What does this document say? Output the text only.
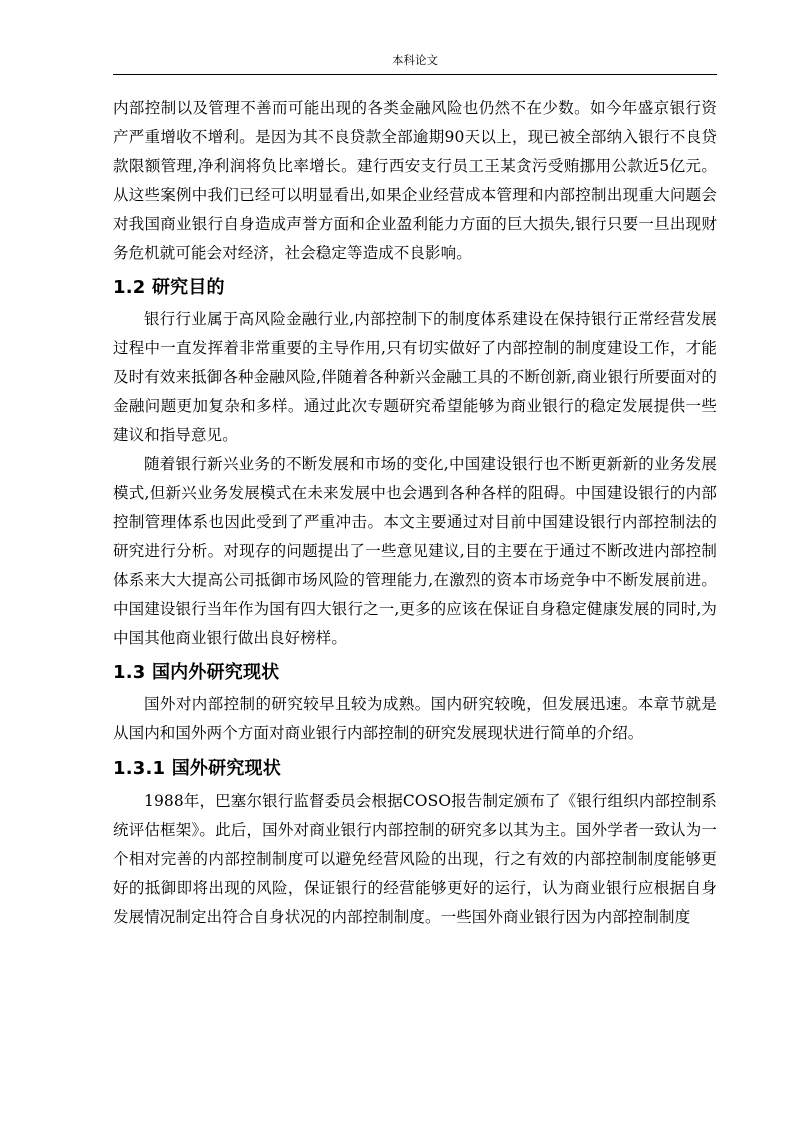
本科论文

内部控制以及管理不善而可能出现的各类金融风险也仍然不在少数。如今年盛京银行资产严重增收不增利。是因为其不良贷款全部逾期90天以上，现已被全部纳入银行不良贷款限额管理,净利润将负比率增长。建行西安支行员工王某贪污受贿挪用公款近5亿元。从这些案例中我们已经可以明显看出,如果企业经营成本管理和内部控制出现重大问题会对我国商业银行自身造成声誉方面和企业盈利能力方面的巨大损失,银行只要一旦出现财务危机就可能会对经济，社会稳定等造成不良影响。

1.2 研究目的

银行行业属于高风险金融行业,内部控制下的制度体系建设在保持银行正常经营发展过程中一直发挥着非常重要的主导作用,只有切实做好了内部控制的制度建设工作，才能及时有效来抵御各种金融风险,伴随着各种新兴金融工具的不断创新,商业银行所要面对的金融问题更加复杂和多样。通过此次专题研究希望能够为商业银行的稳定发展提供一些建议和指导意见。

随着银行新兴业务的不断发展和市场的变化,中国建设银行也不断更新新的业务发展模式,但新兴业务发展模式在未来发展中也会遇到各种各样的阻碍。中国建设银行的内部控制管理体系也因此受到了严重冲击。本文主要通过对目前中国建设银行内部控制法的研究进行分析。对现存的问题提出了一些意见建议,目的主要在于通过不断改进内部控制体系来大大提高公司抵御市场风险的管理能力,在激烈的资本市场竞争中不断发展前进。中国建设银行当年作为国有四大银行之一,更多的应该在保证自身稳定健康发展的同时,为中国其他商业银行做出良好榜样。

1.3 国内外研究现状

国外对内部控制的研究较早且较为成熟。国内研究较晚，但发展迅速。本章节就是从国内和国外两个方面对商业银行内部控制的研究发展现状进行简单的介绍。

1.3.1 国外研究现状

1988年，巴塞尔银行监督委员会根据COSO报告制定颁布了《银行组织内部控制系统评估框架》。此后，国外对商业银行内部控制的研究多以其为主。国外学者一致认为一个相对完善的内部控制制度可以避免经营风险的出现，行之有效的内部控制制度能够更好的抵御即将出现的风险，保证银行的经营能够更好的运行，认为商业银行应根据自身发展情况制定出符合自身状况的内部控制制度。一些国外商业银行因为内部控制制度
